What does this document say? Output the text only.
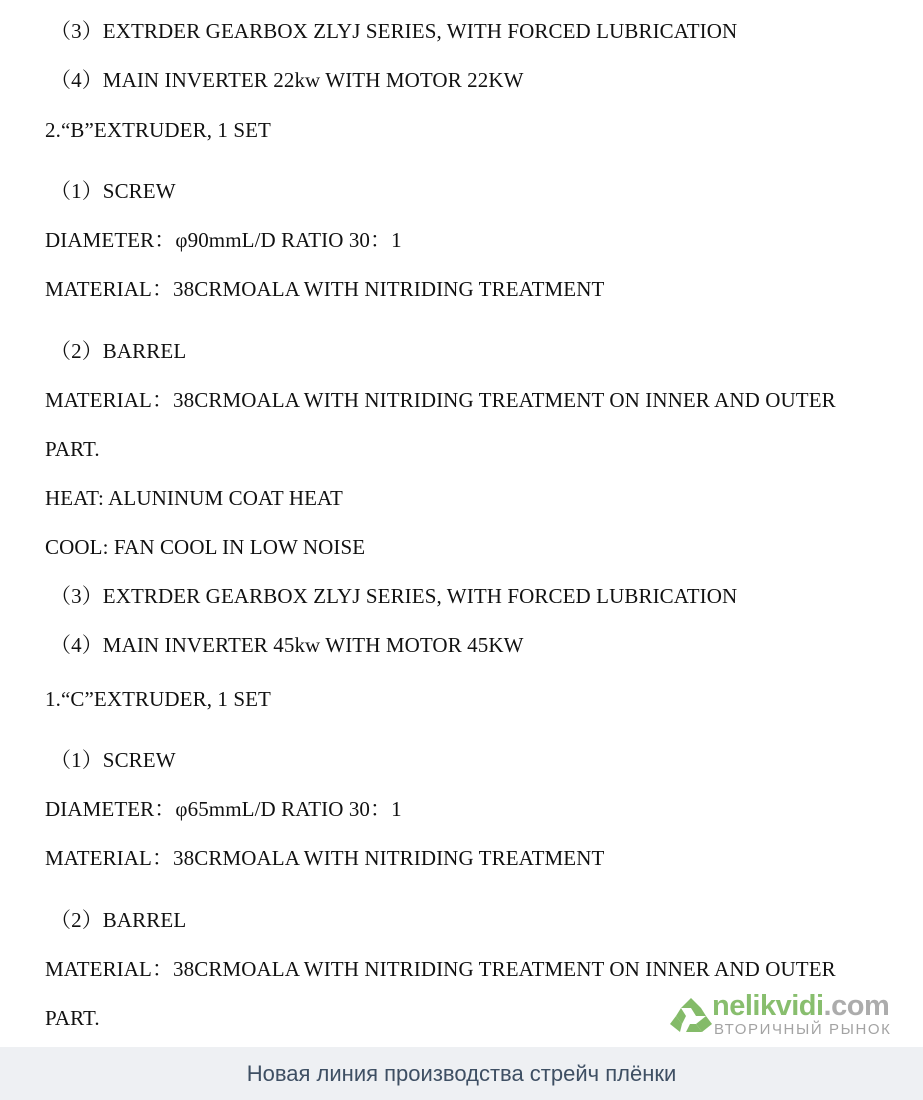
（3）EXTRDER GEARBOX ZLYJ SERIES, WITH FORCED LUBRICATION
（4）MAIN INVERTER 22kw WITH MOTOR 22KW
2.“B”EXTRUDER, 1 SET
（1）SCREW
DIAMETER：φ90mmL/D RATIO 30：1
MATERIAL：38CRMOALA WITH NITRIDING TREATMENT
（2）BARREL
MATERIAL：38CRMOALA WITH NITRIDING TREATMENT ON INNER AND OUTER
PART.
HEAT: ALUNINUM COAT HEAT
COOL: FAN COOL IN LOW NOISE
（3）EXTRDER GEARBOX ZLYJ SERIES, WITH FORCED LUBRICATION
（4）MAIN INVERTER 45kw WITH MOTOR 45KW
1.“C”EXTRUDER, 1 SET
（1）SCREW
DIAMETER：φ65mmL/D RATIO 30：1
MATERIAL：38CRMOALA WITH NITRIDING TREATMENT
（2）BARREL
MATERIAL：38CRMOALA WITH NITRIDING TREATMENT ON INNER AND OUTER
PART.	nelikvidi.com
ВТОРИЧНЫЙ РЫНОК
Новая линия производства стрейч плёнки
